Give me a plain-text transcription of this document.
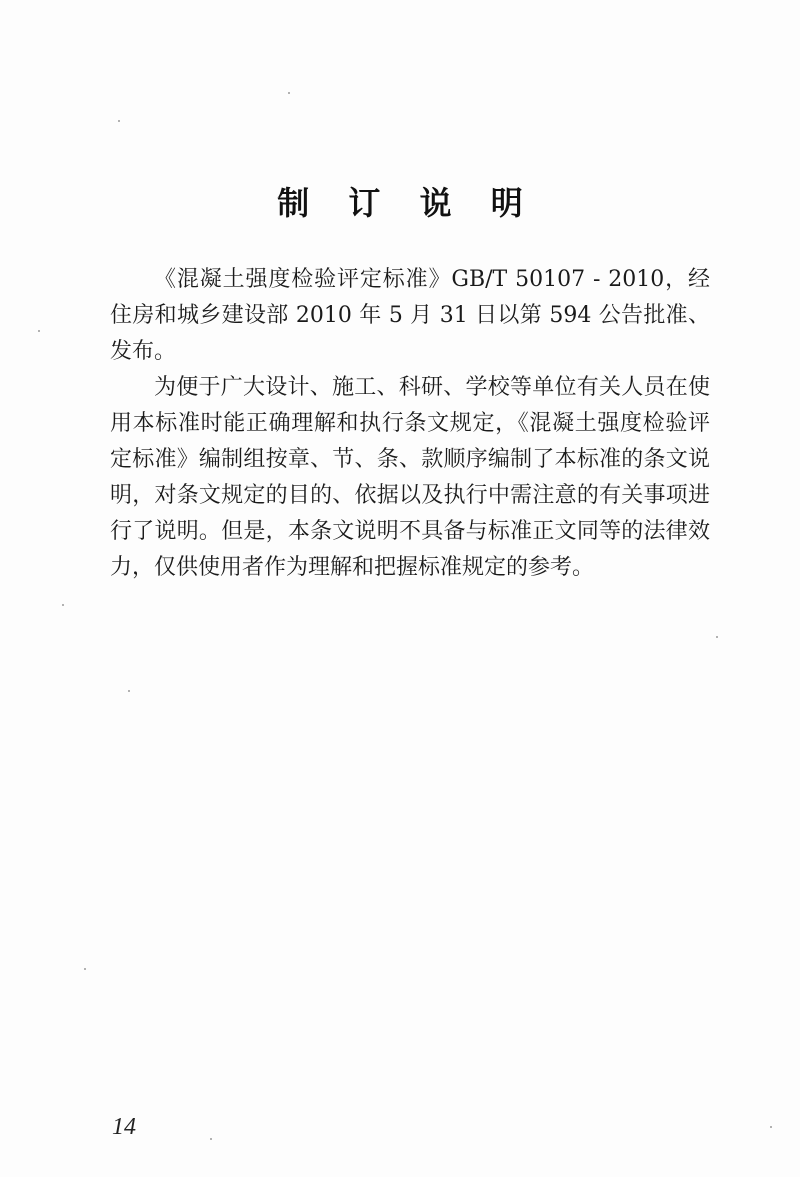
制 订 说 明

《混凝土强度检验评定标准》GB/T 50107 - 2010，经住房和城乡建设部 2010 年 5 月 31 日以第 594 公告批准、发布。

为便于广大设计、施工、科研、学校等单位有关人员在使用本标准时能正确理解和执行条文规定，《混凝土强度检验评定标准》编制组按章、节、条、款顺序编制了本标准的条文说明，对条文规定的目的、依据以及执行中需注意的有关事项进行了说明。但是，本条文说明不具备与标准正文同等的法律效力，仅供使用者作为理解和把握标准规定的参考。

14
